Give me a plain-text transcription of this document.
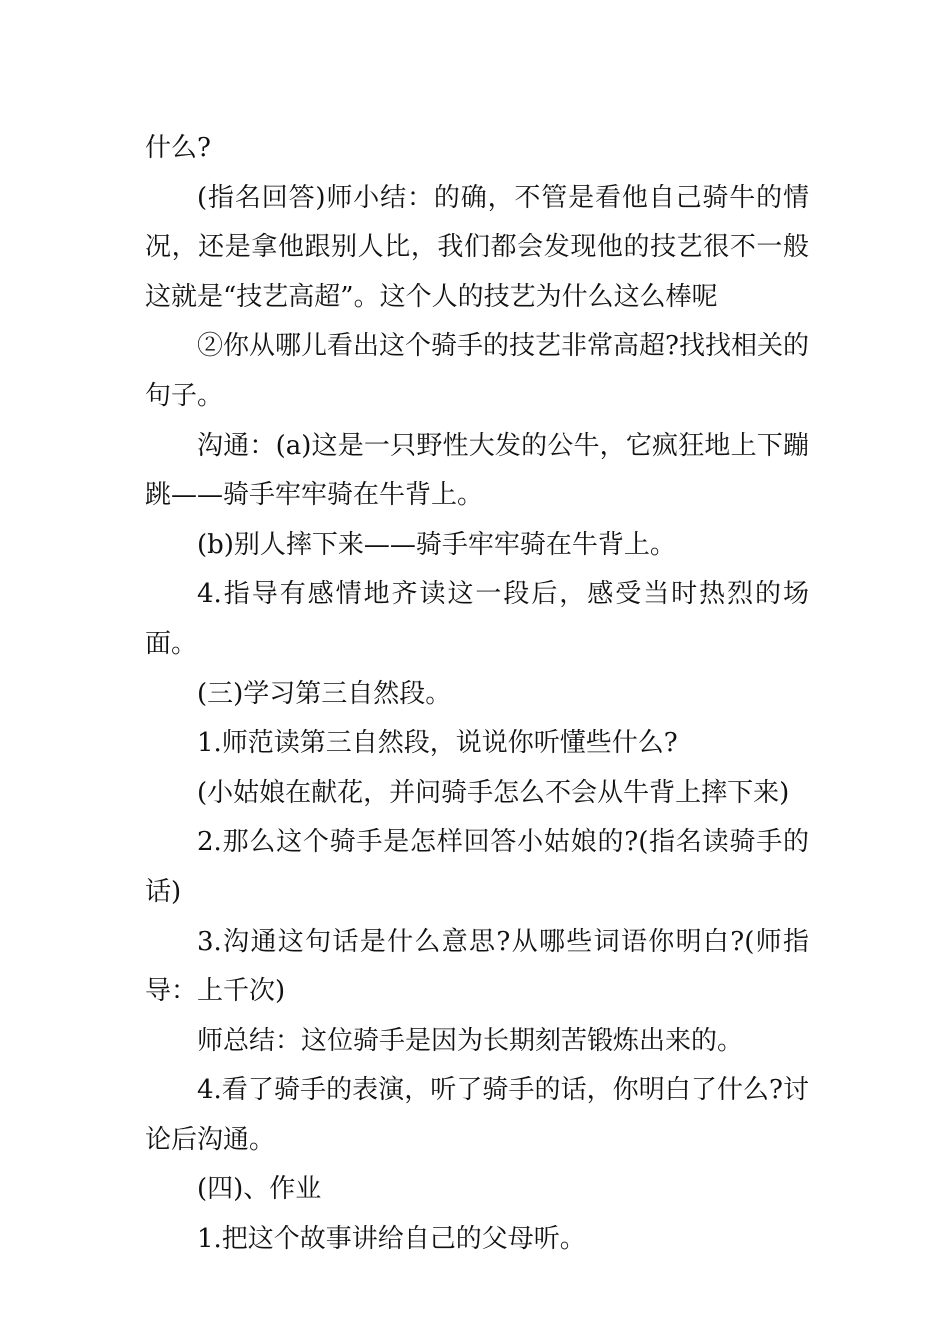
什么?

(指名回答)师小结：的确，不管是看他自己骑牛的情况，还是拿他跟别人比，我们都会发现他的技艺很不一般这就是“技艺高超”。这个人的技艺为什么这么棒呢

②你从哪儿看出这个骑手的技艺非常高超?找找相关的句子。

沟通：(a)这是一只野性大发的公牛，它疯狂地上下蹦跳——骑手牢牢骑在牛背上。

(b)别人摔下来——骑手牢牢骑在牛背上。

4.指导有感情地齐读这一段后，感受当时热烈的场面。

(三)学习第三自然段。

1.师范读第三自然段，说说你听懂些什么?

(小姑娘在献花，并问骑手怎么不会从牛背上摔下来)

2.那么这个骑手是怎样回答小姑娘的?(指名读骑手的话)

3.沟通这句话是什么意思?从哪些词语你明白?(师指导：上千次)

师总结：这位骑手是因为长期刻苦锻炼出来的。

4.看了骑手的表演，听了骑手的话，你明白了什么?讨论后沟通。

(四)、作业

1.把这个故事讲给自己的父母听。
